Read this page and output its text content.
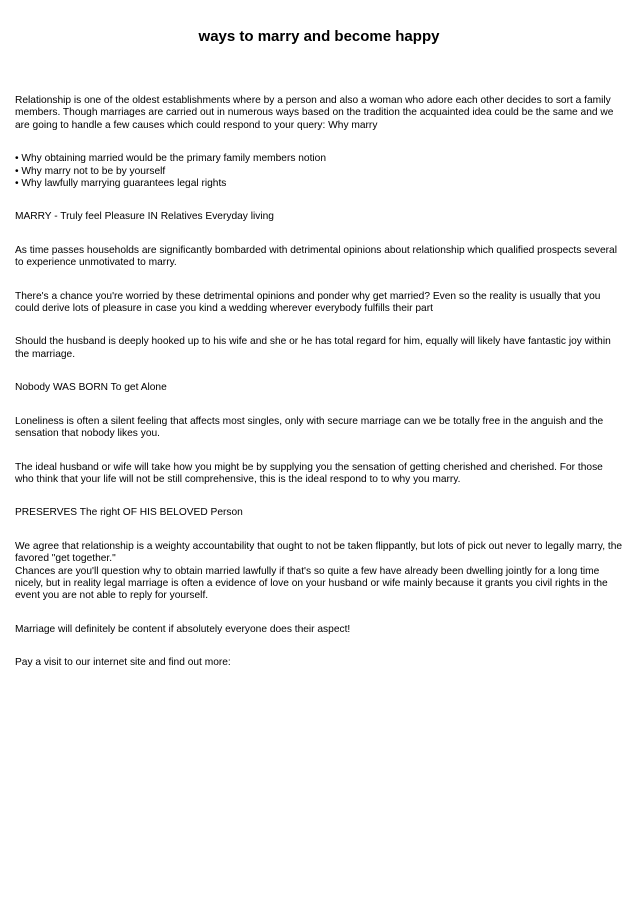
ways to marry and become happy

Relationship is one of the oldest establishments where by a person and also a woman who adore each other decides to sort a family members. Though marriages are carried out in numerous ways based on the tradition the acquainted idea could be the same and we are going to handle a few causes which could respond to your query: Why marry

• Why obtaining married would be the primary family members notion
• Why marry not to be by yourself
• Why lawfully marrying guarantees legal rights

MARRY - Truly feel Pleasure IN Relatives Everyday living

As time passes households are significantly bombarded with detrimental opinions about relationship which qualified prospects several to experience unmotivated to marry.

There's a chance you're worried by these detrimental opinions and ponder why get married? Even so the reality is usually that you could derive lots of pleasure in case you kind a wedding wherever everybody fulfills their part

Should the husband is deeply hooked up to his wife and she or he has total regard for him, equally will likely have fantastic joy within the marriage.

Nobody WAS BORN To get Alone

Loneliness is often a silent feeling that affects most singles, only with secure marriage can we be totally free in the anguish and the sensation that nobody likes you.

The ideal husband or wife will take how you might be by supplying you the sensation of getting cherished and cherished. For those who think that your life will not be still comprehensive, this is the ideal respond to to why you marry.

PRESERVES The right OF HIS BELOVED Person

We agree that relationship is a weighty accountability that ought to not be taken flippantly, but lots of pick out never to legally marry, the favored "get together."

Chances are you'll question why to obtain married lawfully if that's so quite a few have already been dwelling jointly for a long time nicely, but in reality legal marriage is often a evidence of love on your husband or wife mainly because it grants you civil rights in the event you are not able to reply for yourself.

Marriage will definitely be content if absolutely everyone does their aspect!

Pay a visit to our internet site and find out more:
